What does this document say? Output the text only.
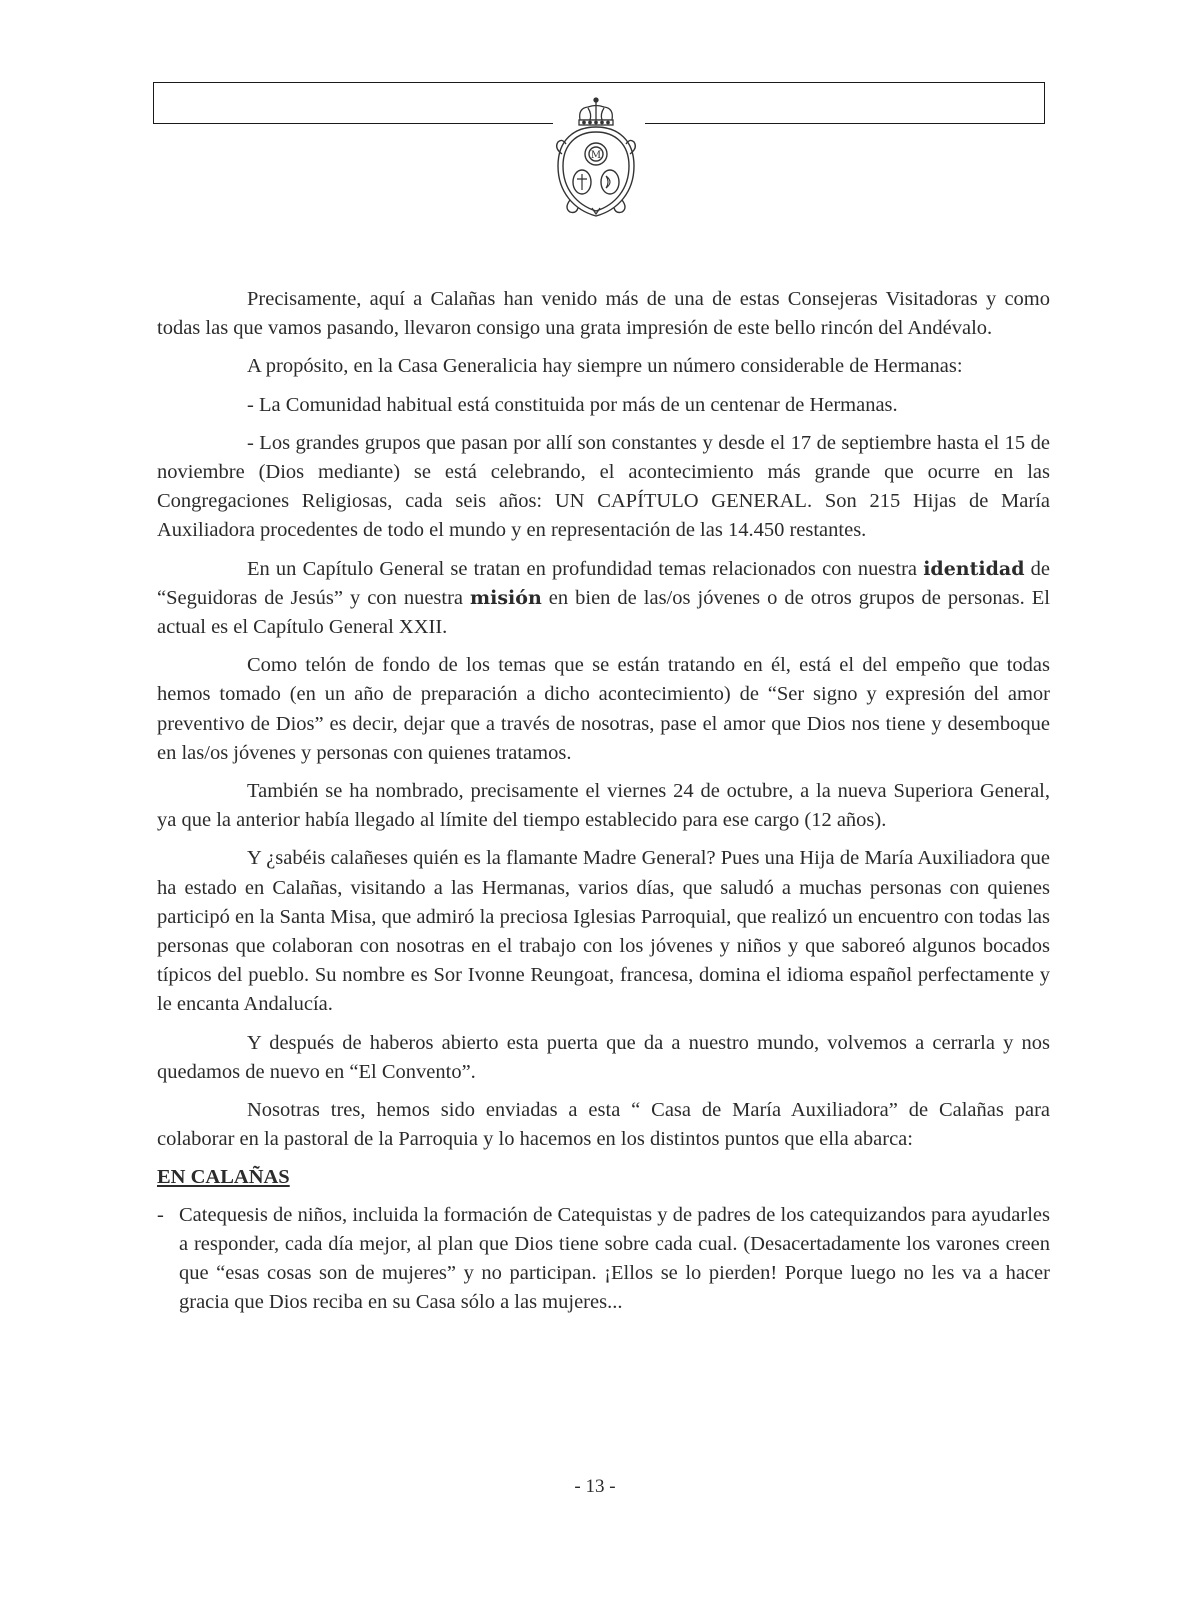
M

Precisamente, aquí a Calañas han venido más de una de estas Consejeras Visitadoras y como todas las que vamos pasando, llevaron consigo una grata impresión de este bello rincón del Andévalo.

A propósito, en la Casa Generalicia hay siempre un número considerable de Hermanas:

- La Comunidad habitual está constituida por más de un centenar de Hermanas.

- Los grandes grupos que pasan por allí son constantes y desde el 17 de septiembre hasta el 15 de noviembre (Dios mediante) se está celebrando, el acontecimiento más grande que ocurre en las Congregaciones Religiosas, cada seis años: UN CAPÍTULO GENERAL. Son 215 Hijas de María Auxiliadora procedentes de todo el mundo y en representación de las 14.450 restantes.

En un Capítulo General se tratan en profundidad temas relacionados con nuestra identidad de “Seguidoras de Jesús” y con nuestra misión en bien de las/os jóvenes o de otros grupos de personas. El actual es el Capítulo General XXII.

Como telón de fondo de los temas que se están tratando en él, está el del empeño que todas hemos tomado (en un año de preparación a dicho acontecimiento) de “Ser signo y expresión del amor preventivo de Dios” es decir, dejar que a través de nosotras, pase el amor que Dios nos tiene y desemboque en las/os jóvenes y personas con quienes tratamos.

También se ha nombrado, precisamente el viernes 24 de octubre, a la nueva Superiora General, ya que la anterior había llegado al límite del tiempo establecido para ese cargo (12 años).

Y ¿sabéis calañeses quién es la flamante Madre General? Pues una Hija de María Auxiliadora que ha estado en Calañas, visitando a las Hermanas, varios días, que saludó a muchas personas con quienes participó en la Santa Misa, que admiró la preciosa Iglesias Parroquial, que realizó un encuentro con todas las personas que colaboran con nosotras en el trabajo con los jóvenes y niños y que saboreó algunos bocados típicos del pueblo. Su nombre es Sor Ivonne Reungoat, francesa, domina el idioma español perfectamente y le encanta Andalucía.

Y después de haberos abierto esta puerta que da a nuestro mundo, volvemos a cerrarla y nos quedamos de nuevo en “El Convento”.

Nosotras tres, hemos sido enviadas a esta “ Casa de María Auxiliadora” de Calañas para colaborar en la pastoral de la Parroquia y lo hacemos en los distintos puntos que ella abarca:

EN CALAÑAS

- Catequesis de niños, incluida la formación de Catequistas y de padres de los catequizandos para ayudarles a responder, cada día mejor, al plan que Dios tiene sobre cada cual. (Desacertadamente los varones creen que “esas cosas son de mujeres” y no participan. ¡Ellos se lo pierden! Porque luego no les va a hacer gracia que Dios reciba en su Casa sólo a las mujeres...

- 13 -
